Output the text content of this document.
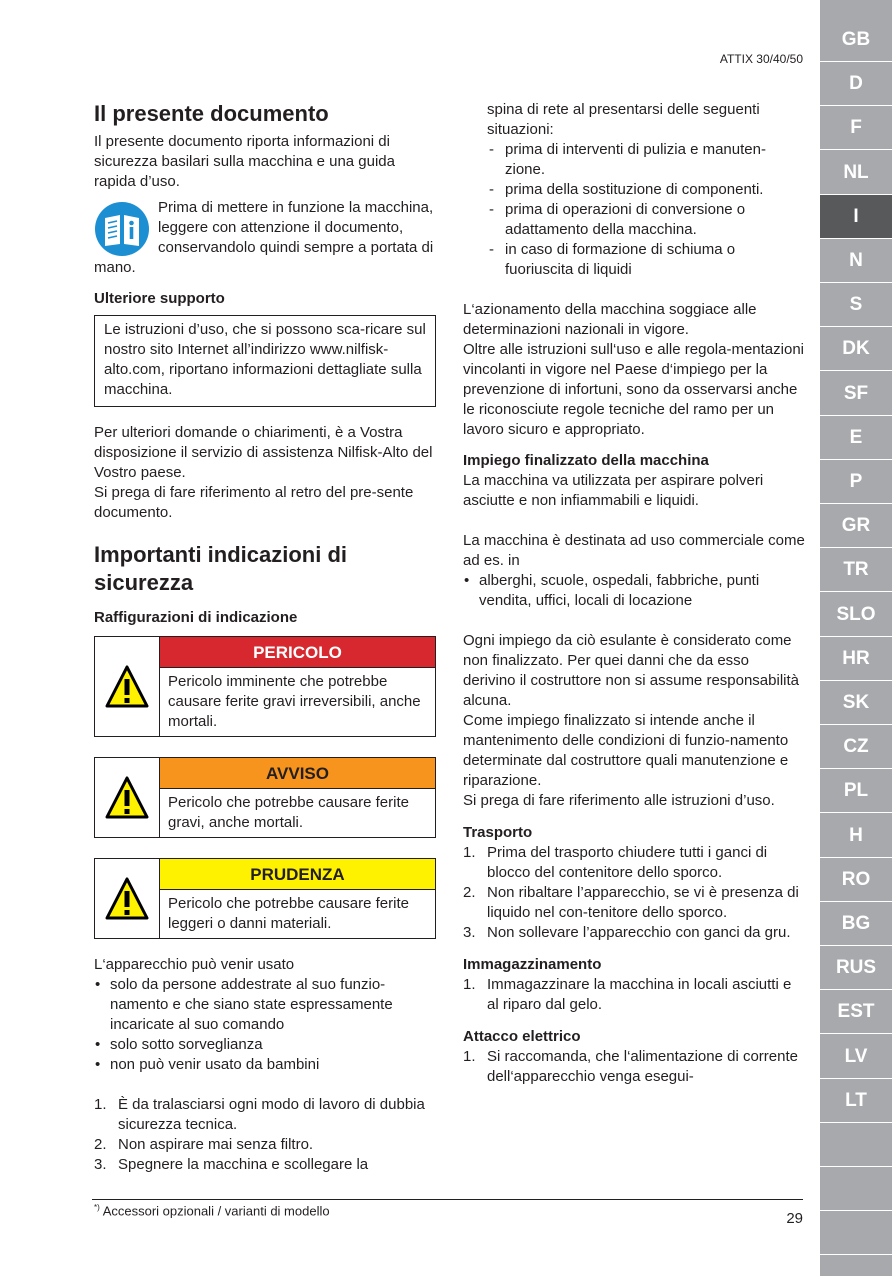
ATTIX 30/40/50
GB
D
F
NL
I
N
S
DK
SF
E
P
GR
TR
SLO
HR
SK
CZ
PL
H
RO
BG
RUS
EST
LV
LT
Il presente documento

Il presente documento riporta informazioni di sicurezza basilari sulla macchina e una guida rapida d’uso.

Prima di mettere in funzione la macchina, leggere con attenzione il documento, conservandolo quindi sempre a portata di mano.

Ulteriore supporto

Le istruzioni d’uso, che si possono sca-ricare sul nostro sito Internet all’indirizzo www.nilfisk-alto.com, riportano informazioni dettagliate sulla macchina.

Per ulteriori domande o chiarimenti, è a Vostra disposizione il servizio di assistenza Nilfisk-Alto del Vostro paese.

Si prega di fare riferimento al retro del pre-sente documento.

Importanti indicazioni di sicurezza
Raffigurazioni di indicazione
PERICOLO
Pericolo imminente che potrebbe causare ferite gravi irreversibili, anche mortali.
AVVISO
Pericolo che potrebbe causare ferite gravi, anche mortali.
PRUDENZA
Pericolo che potrebbe causare ferite leggeri o danni materiali.

L‘apparecchio può venir usato

• solo da persone addestrate al suo funzio-namento e che siano state espressamente incaricate al suo comando
• solo sotto sorveglianza
• non può venir usato da bambini
1. È da tralasciarsi ogni modo di lavoro di dubbia sicurezza tecnica.
2. Non aspirare mai senza filtro.
3. Spegnere la macchina e scollegare la

spina di rete al presentarsi delle seguenti situazioni:

- prima di interventi di pulizia e manuten-zione.
- prima della sostituzione di componenti.
- prima di operazioni di conversione o adattamento della macchina.
- in caso di formazione di schiuma o fuoriuscita di liquidi

L‘azionamento della macchina soggiace alle determinazioni nazionali in vigore.

Oltre alle istruzioni sull‘uso e alle regola-mentazioni vincolanti in vigore nel Paese d‘impiego per la prevenzione di infortuni, sono da osservarsi anche le riconosciute regole tecniche del ramo per un lavoro sicuro e appropriato.

Impiego finalizzato della macchina

La macchina va utilizzata per aspirare polveri asciutte e non infiammabili e liquidi.

La macchina è destinata ad uso commerciale come ad es. in

• alberghi, scuole, ospedali, fabbriche, punti vendita, uffici, locali di locazione

Ogni impiego da ciò esulante è considerato come non finalizzato. Per quei danni che da esso derivino il costruttore non si assume responsabilità alcuna.

Come impiego finalizzato si intende anche il mantenimento delle condizioni di funzio-namento determinate dal costruttore quali manutenzione e riparazione.

Si prega di fare riferimento alle istruzioni d’uso.

Trasporto
1. Prima del trasporto chiudere tutti i ganci di blocco del contenitore dello sporco.
2. Non ribaltare l’apparecchio, se vi è presenza di liquido nel con-tenitore dello sporco.
3. Non sollevare l’apparecchio con ganci da gru.
Immagazzinamento
1. Immagazzinare la macchina in locali asciutti e al riparo dal gelo.
Attacco elettrico
1. Si raccomanda, che l‘alimentazione di corrente dell‘apparecchio venga esegui-
*) Accessori opzionali / varianti di modello	29
